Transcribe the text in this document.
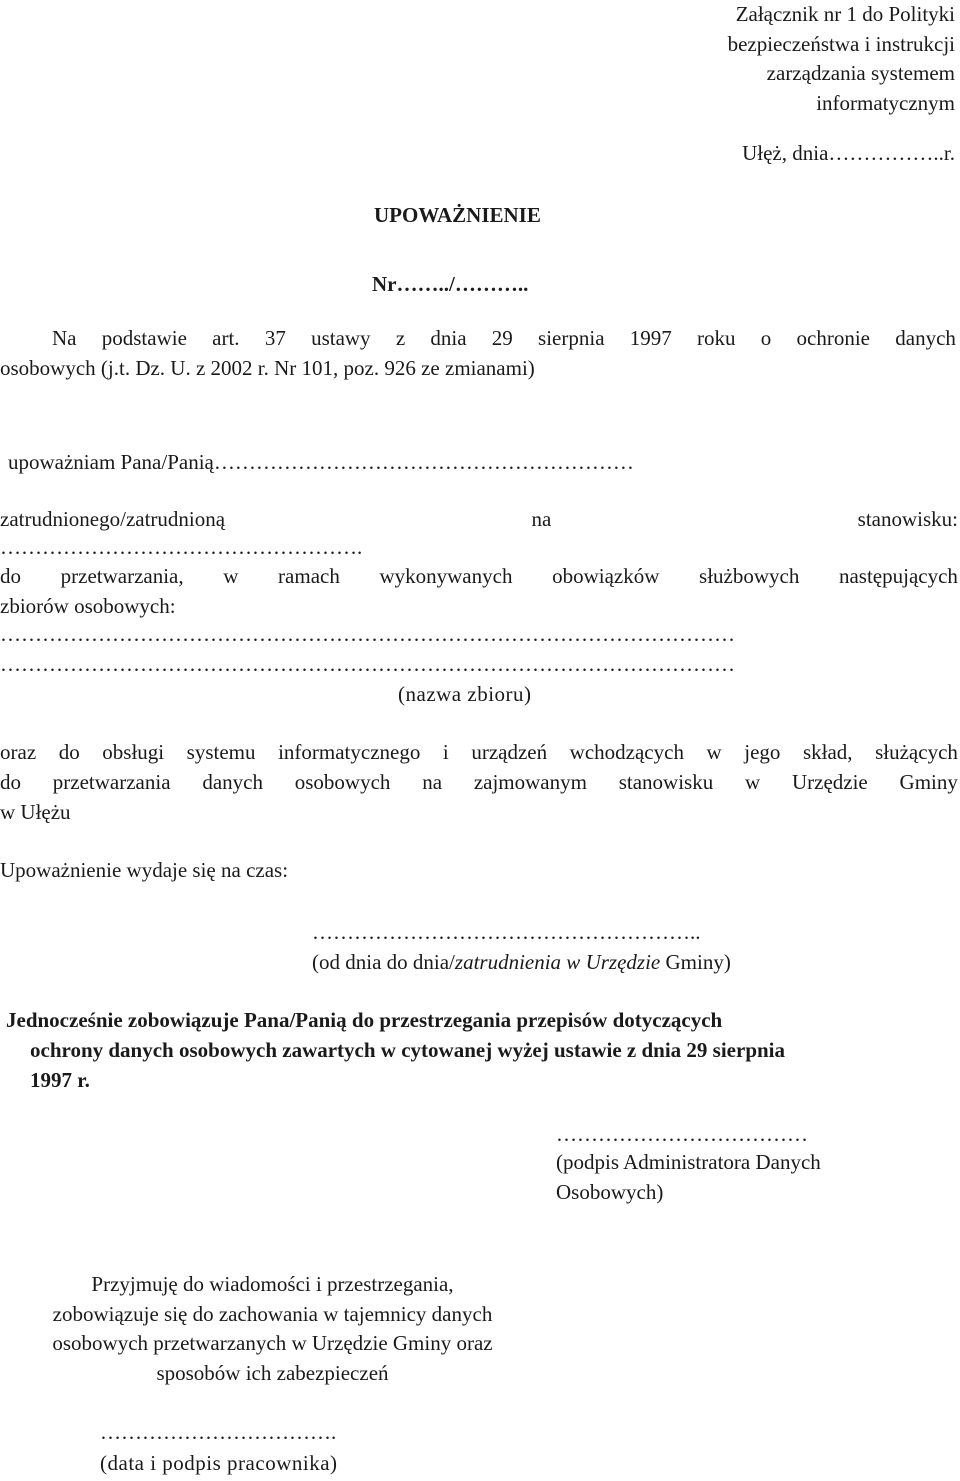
Załącznik nr 1 do Polityki
bezpieczeństwa i instrukcji
zarządzania systemem
informatycznym
Ułęż, dnia……………..r.
UPOWAŻNIENIE
Nr……../………..
Na podstawie art. 37 ustawy z dnia 29 sierpnia 1997 roku o ochronie danych
osobowych (j.t. Dz. U. z 2002 r. Nr 101, poz. 926 ze zmianami)
upoważniam Pana/Panią……………………………………………………
zatrudnionego/zatrudnioną	na	stanowisku:
…………………………………………….
do przetwarzania, w ramach wykonywanych obowiązków służbowych następujących
zbiorów osobowych:
……………………………………………………………………………………………
……………………………………………………………………………………………
(nazwa zbioru)
oraz do obsługi systemu informatycznego i urządzeń wchodzących w jego skład, służących
do przetwarzania danych osobowych na zajmowanym stanowisku w Urzędzie Gminy
w Ułężu
Upoważnienie wydaje się na czas:
………………………………………………..
(od dnia do dnia/zatrudnienia w Urzędzie Gminy)
Jednocześnie zobowiązuje Pana/Panią do przestrzegania przepisów dotyczących
ochrony danych osobowych zawartych w cytowanej wyżej ustawie z dnia 29 sierpnia
1997 r.
………………………………
(podpis Administratora Danych
Osobowych)
Przyjmuję do wiadomości i przestrzegania,
zobowiązuje się do zachowania w tajemnicy danych
osobowych przetwarzanych w Urzędzie Gminy oraz
sposobów ich zabezpieczeń
…………………………….
(data i podpis pracownika)
